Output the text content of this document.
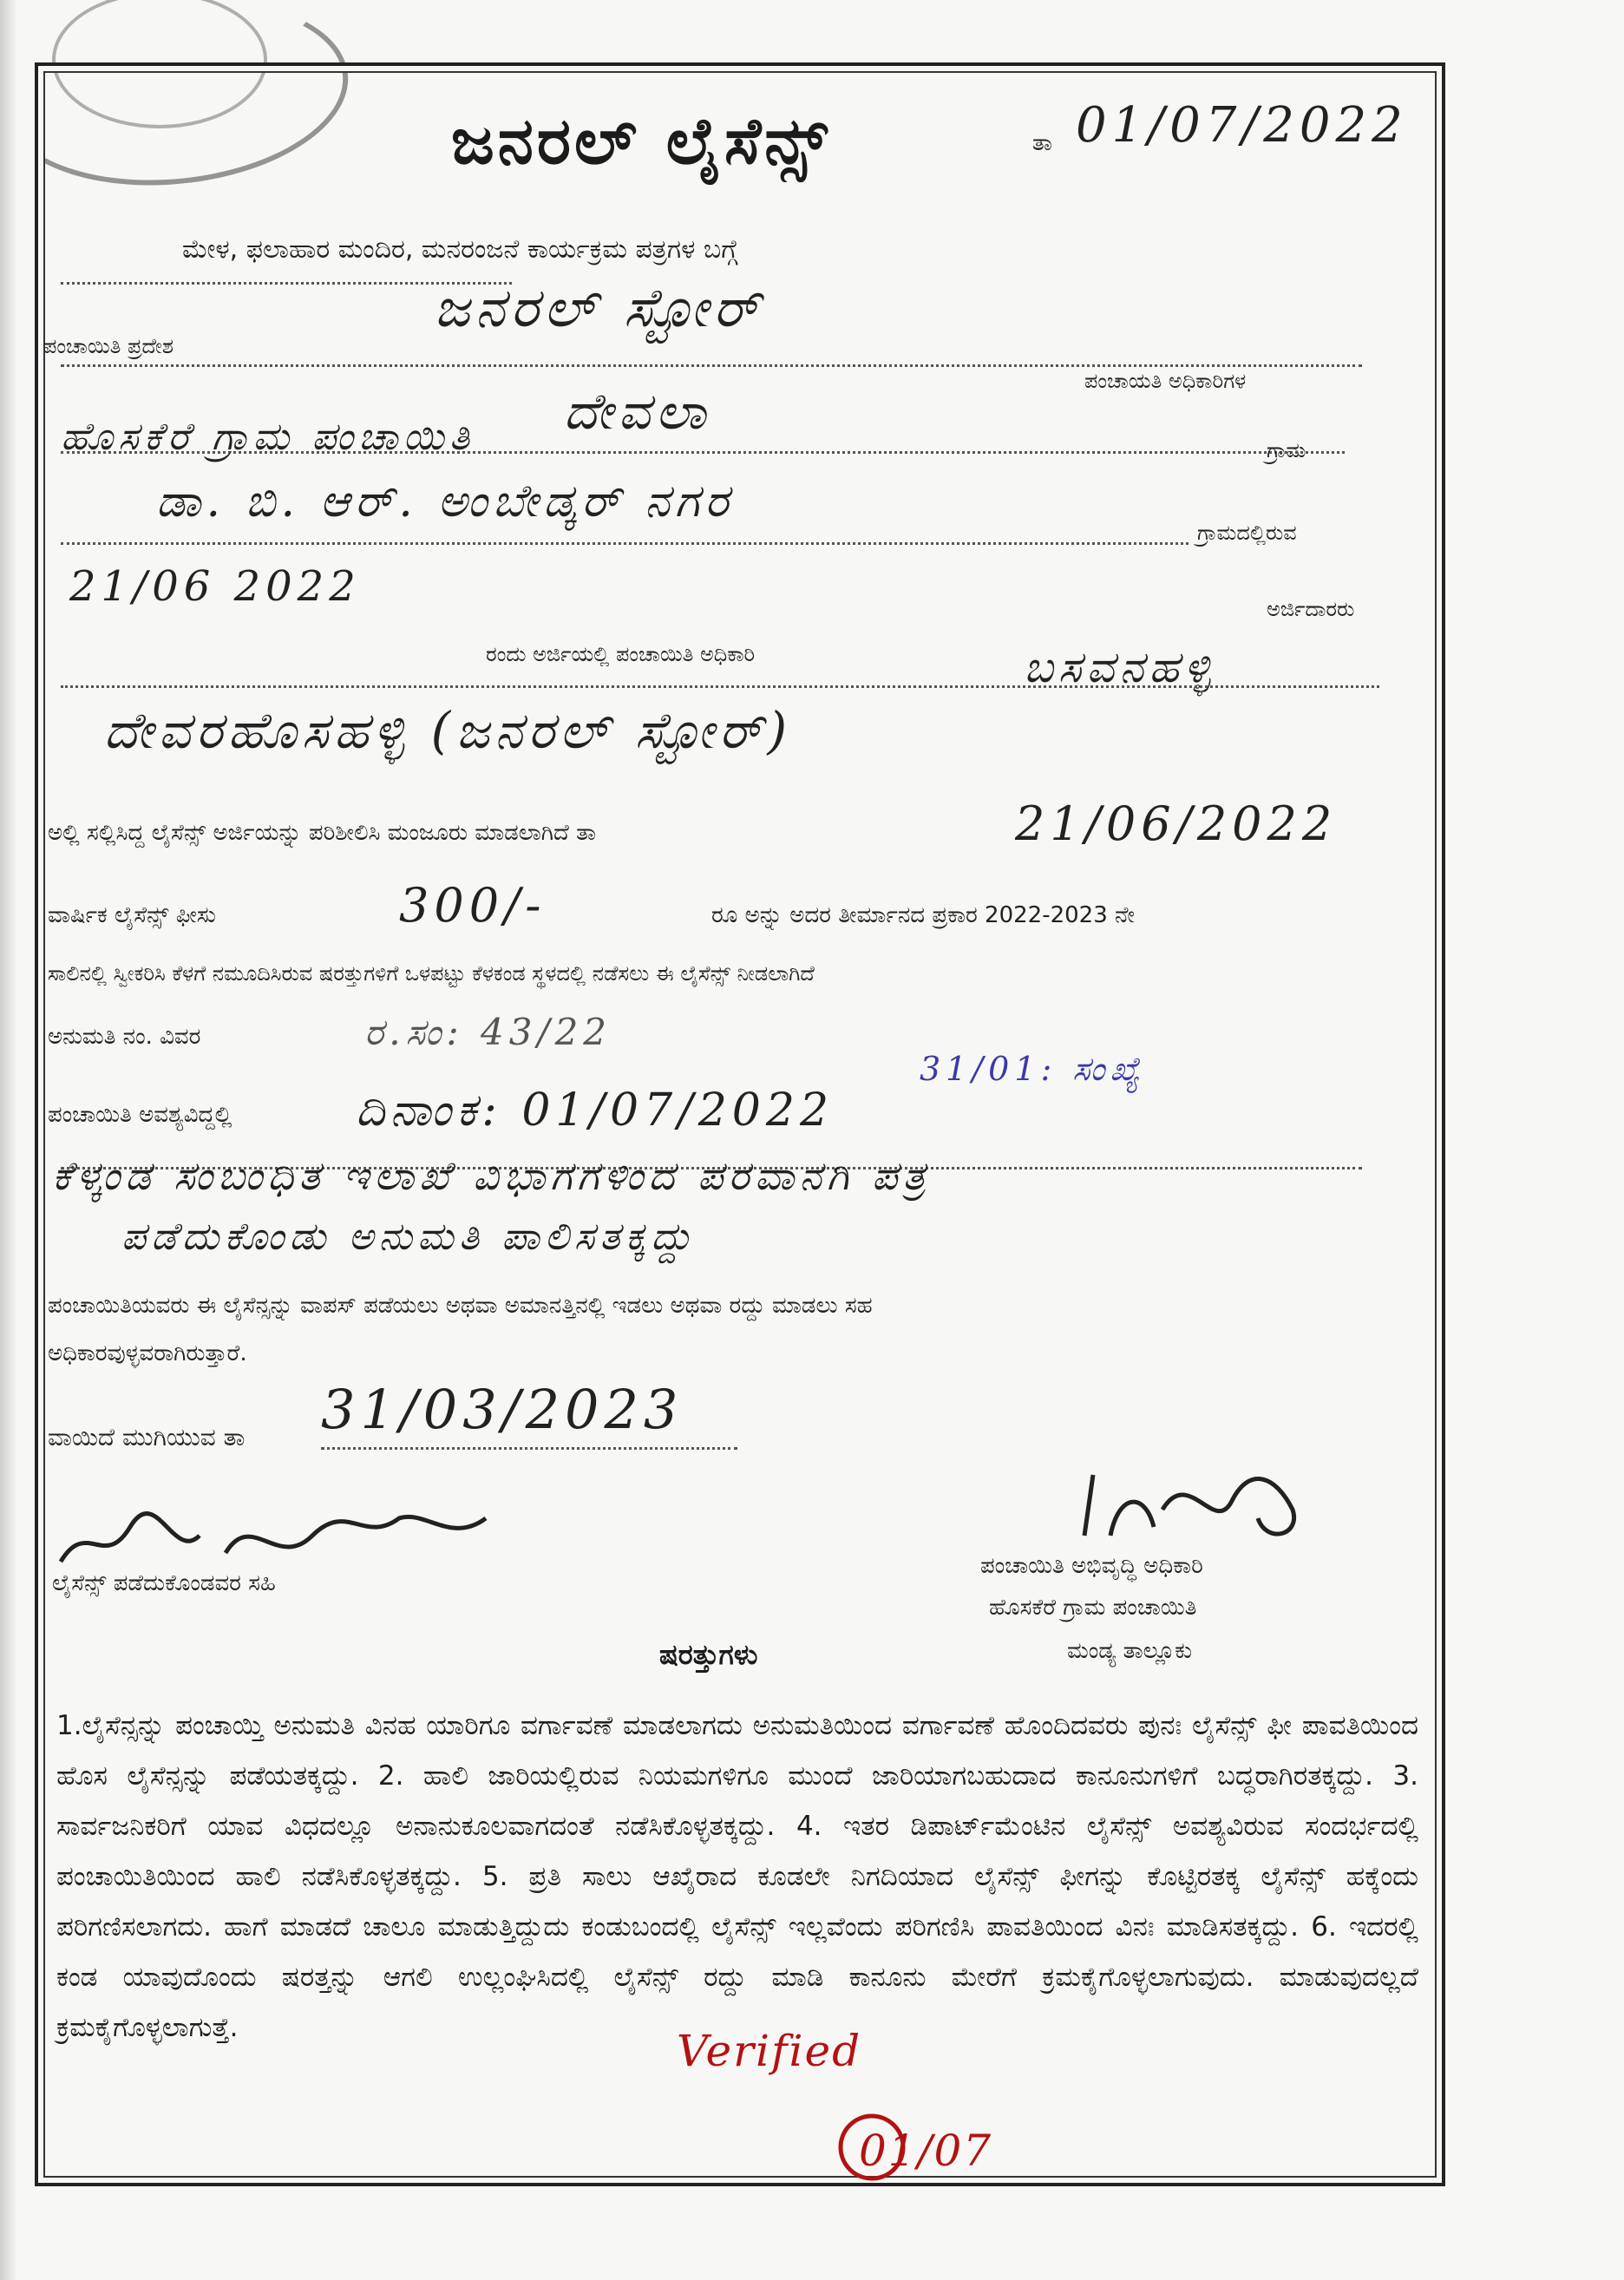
ಜನರಲ್ ಲೈಸೆನ್ಸ್	ತಾ 01/07/2022
ಮೇಳ, ಫಲಾಹಾರ ಮಂದಿರ, ಮನರಂಜನೆ ಕಾರ್ಯಕ್ರಮ ಪತ್ರಗಳ ಬಗ್ಗೆ
ಜನರಲ್ ಸ್ಟೋರ್
ಪಂಚಾಯಿತಿ ಪ್ರದೇಶ
ದೇವಲಾ
ಪಂಚಾಯತಿ ಅಧಿಕಾರಿಗಳ
ಹೊಸಕೆರೆ ಗ್ರಾಮ ಪಂಚಾಯಿತಿ	ಗ್ರಾಮ
ಡಾ. ಬಿ. ಆರ್. ಅಂಬೇಡ್ಕರ್ ನಗರ
ಗ್ರಾಮದಲ್ಲಿರುವ
21/06 2022
ರಂದು ಅರ್ಜಿಯಲ್ಲಿ ಪಂಚಾಯಿತಿ ಅಧಿಕಾರಿ
ಅರ್ಜಿದಾರರು
ಬಸವನಹಳ್ಳಿ
ದೇವರಹೊಸಹಳ್ಳಿ (ಜನರಲ್ ಸ್ಟೋರ್)
ಅಲ್ಲಿ ಸಲ್ಲಿಸಿದ್ದ ಲೈಸೆನ್ಸ್ ಅರ್ಜಿಯನ್ನು ಪರಿಶೀಲಿಸಿ ಮಂಜೂರು ಮಾಡಲಾಗಿದೆ ತಾ	21/06/2022
ವಾರ್ಷಿಕ ಲೈಸೆನ್ಸ್ ಫೀಸು	300/-	ರೂ ಅನ್ನು ಅದರ ತೀರ್ಮಾನದ ಪ್ರಕಾರ 2022-2023 ನೇ
ಸಾಲಿನಲ್ಲಿ ಸ್ವೀಕರಿಸಿ ಕೆಳಗೆ ನಮೂದಿಸಿರುವ ಷರತ್ತುಗಳಿಗೆ ಒಳಪಟ್ಟು ಕೆಳಕಂಡ ಸ್ಥಳದಲ್ಲಿ ನಡೆಸಲು ಈ ಲೈಸೆನ್ಸ್ ನೀಡಲಾಗಿದೆ
ಅನುಮತಿ ನಂ. ವಿವರ	ರ.ಸಂ: 43/22
31/01: ಸಂಖ್ಯೆ
ಪಂಚಾಯಿತಿ ಅವಶ್ಯವಿದ್ದಲ್ಲಿ	ದಿನಾಂಕ: 01/07/2022
ಕೆಳ್ಕಂಡ ಸಂಬಂಧಿತ ಇಲಾಖೆ ವಿಭಾಗಗಳಿಂದ ಪರವಾನಗಿ ಪತ್ರ
ಪಡೆದುಕೊಂಡು ಅನುಮತಿ ಪಾಲಿಸತಕ್ಕದ್ದು
ಪಂಚಾಯಿತಿಯವರು ಈ ಲೈಸೆನ್ಸನ್ನು ವಾಪಸ್ ಪಡೆಯಲು ಅಥವಾ ಅಮಾನತ್ತಿನಲ್ಲಿ ಇಡಲು ಅಥವಾ ರದ್ದು ಮಾಡಲು ಸಹ
ಅಧಿಕಾರವುಳ್ಳವರಾಗಿರುತ್ತಾರೆ.
ವಾಯಿದೆ ಮುಗಿಯುವ ತಾ 31/03/2023
ಲೈಸೆನ್ಸ್ ಪಡೆದುಕೊಂಡವರ ಸಹಿ
ಪಂಚಾಯಿತಿ ಅಭಿವೃದ್ಧಿ ಅಧಿಕಾರಿ
ಹೊಸಕೆರೆ ಗ್ರಾಮ ಪಂಚಾಯಿತಿ
ಮಂಡ್ಯ ತಾಲ್ಲೂಕು
ಷರತ್ತುಗಳು
1.ಲೈಸೆನ್ಸನ್ನು ಪಂಚಾಯ್ತಿ ಅನುಮತಿ ವಿನಹ ಯಾರಿಗೂ ವರ್ಗಾವಣೆ ಮಾಡಲಾಗದು ಅನುಮತಿಯಿಂದ ವರ್ಗಾವಣೆ ಹೊಂದಿದವರು ಪುನಃ ಲೈಸೆನ್ಸ್ ಫೀ ಪಾವತಿಯಿಂದ ಹೊಸ ಲೈಸೆನ್ಸನ್ನು ಪಡೆಯತಕ್ಕದ್ದು. 2. ಹಾಲಿ ಜಾರಿಯಲ್ಲಿರುವ ನಿಯಮಗಳಿಗೂ ಮುಂದೆ ಜಾರಿಯಾಗಬಹುದಾದ ಕಾನೂನುಗಳಿಗೆ ಬದ್ಧರಾಗಿರತಕ್ಕದ್ದು. 3. ಸಾರ್ವಜನಿಕರಿಗೆ ಯಾವ ವಿಧದಲ್ಲೂ ಅನಾನುಕೂಲವಾಗದಂತೆ ನಡೆಸಿಕೊಳ್ಳತಕ್ಕದ್ದು. 4. ಇತರ ಡಿಪಾರ್ಟ್‌ಮೆಂಟಿನ ಲೈಸೆನ್ಸ್ ಅವಶ್ಯವಿರುವ ಸಂದರ್ಭದಲ್ಲಿ ಪಂಚಾಯಿತಿಯಿಂದ ಹಾಲಿ ನಡೆಸಿಕೊಳ್ಳತಕ್ಕದ್ದು. 5. ಪ್ರತಿ ಸಾಲು ಆಖೈರಾದ ಕೂಡಲೇ ನಿಗದಿಯಾದ ಲೈಸೆನ್ಸ್ ಫೀಗನ್ನು ಕೊಟ್ಟಿರತಕ್ಕ ಲೈಸೆನ್ಸ್ ಹಕ್ಕೆಂದು ಪರಿಗಣಿಸಲಾಗದು. ಹಾಗೆ ಮಾಡದೆ ಚಾಲೂ ಮಾಡುತ್ತಿದ್ದುದು ಕಂಡುಬಂದಲ್ಲಿ ಲೈಸೆನ್ಸ್ ಇಲ್ಲವೆಂದು ಪರಿಗಣಿಸಿ ಪಾವತಿಯಿಂದ ವಿನಃ ಮಾಡಿಸತಕ್ಕದ್ದು. 6. ಇದರಲ್ಲಿ ಕಂಡ ಯಾವುದೊಂದು ಷರತ್ತನ್ನು ಆಗಲಿ ಉಲ್ಲಂಘಿಸಿದಲ್ಲಿ ಲೈಸೆನ್ಸ್ ರದ್ದು ಮಾಡಿ ಕಾನೂನು ಮೇರೆಗೆ ಕ್ರಮಕೈಗೊಳ್ಳಲಾಗುವುದು. ಮಾಡುವುದಲ್ಲದೆ ಕ್ರಮಕೈಗೊಳ್ಳಲಾಗುತ್ತೆ.	Verified
01/07
